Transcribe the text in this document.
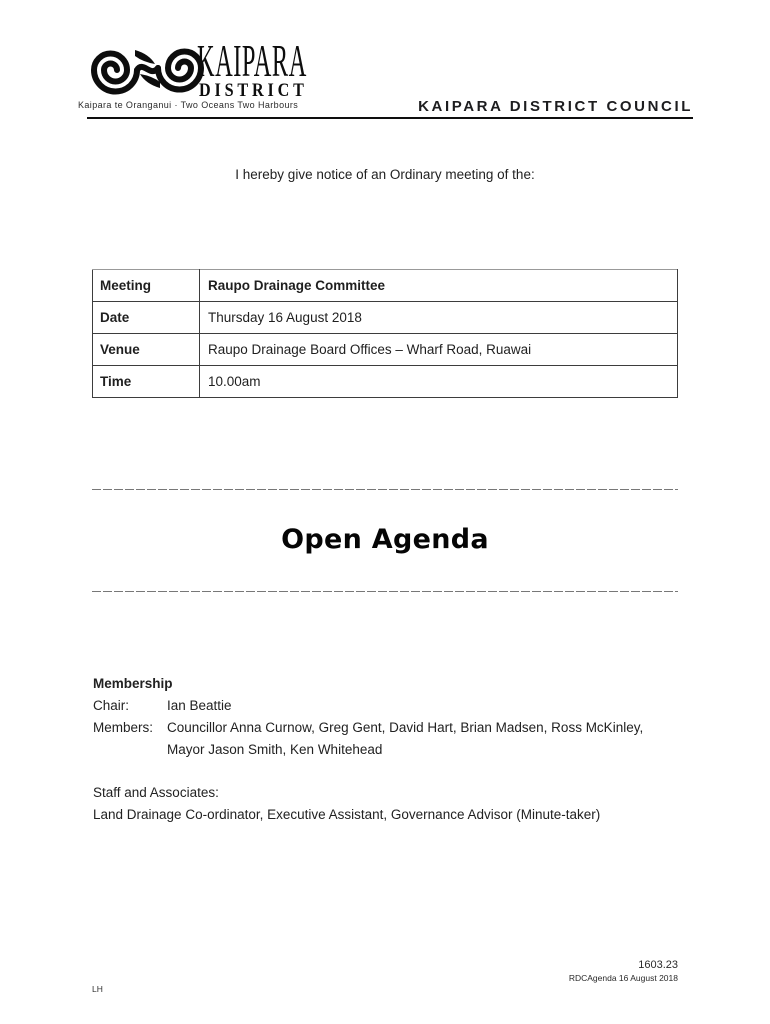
KAIPARA
DISTRICT
Kaipara te Oranganui · Two Oceans Two Harbours	KAIPARA DISTRICT COUNCIL
I hereby give notice of an Ordinary meeting of the:
Meeting	Raupo Drainage Committee
Date	Thursday 16 August 2018
Venue	Raupo Drainage Board Offices – Wharf Road, Ruawai
Time	10.00am
Open Agenda
Membership
Chair:	Ian Beattie
Members:	Councillor Anna Curnow, Greg Gent, David Hart, Brian Madsen, Ross McKinley,
Mayor Jason Smith, Ken Whitehead
Staff and Associates:
Land Drainage Co-ordinator, Executive Assistant, Governance Advisor (Minute-taker)
1603.23
RDCAgenda 16 August 2018
LH
